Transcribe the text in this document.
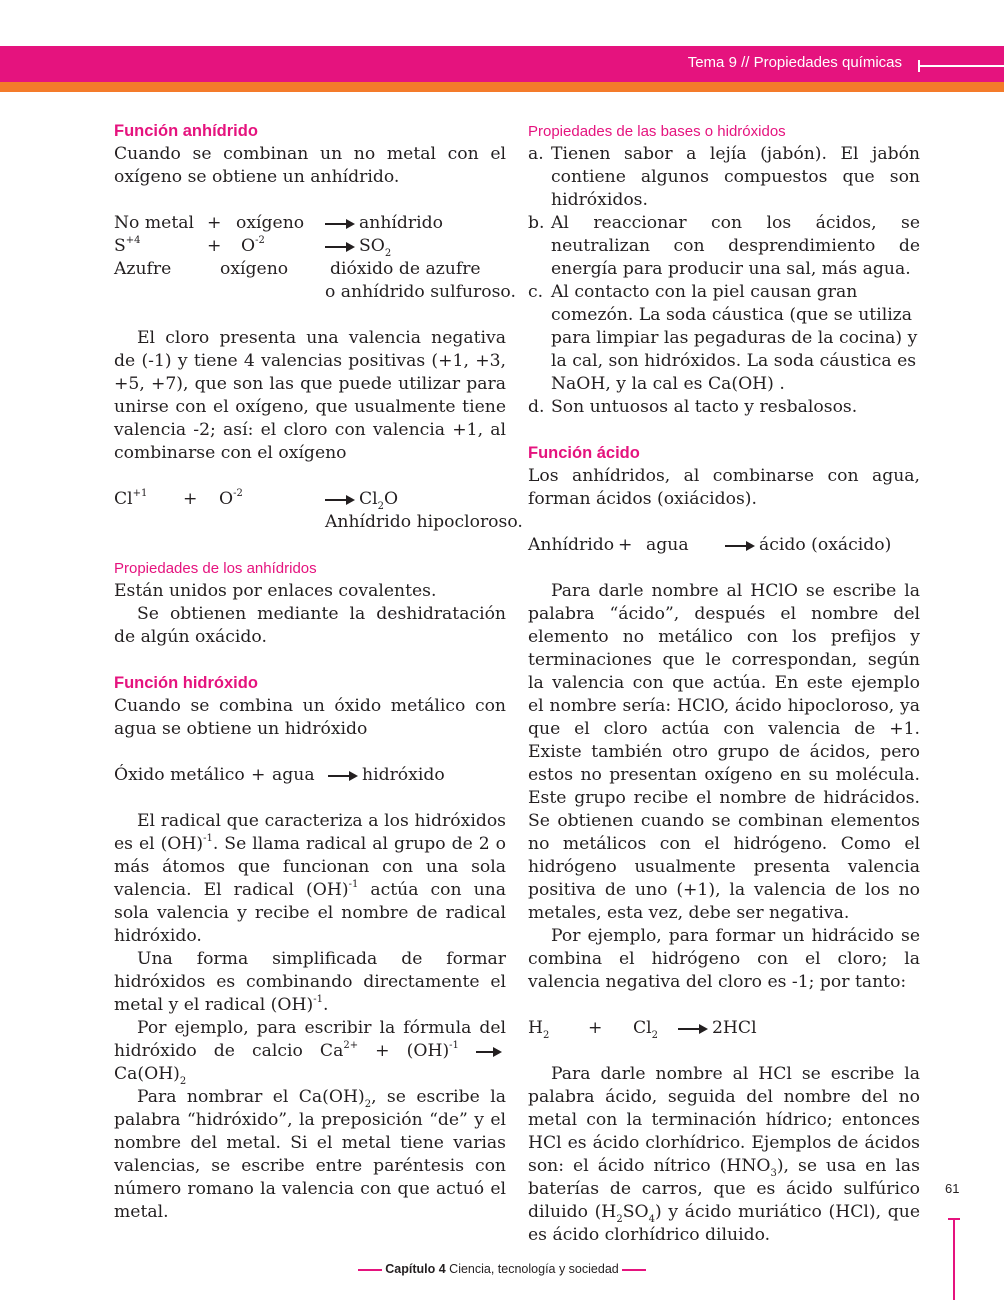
Tema 9 // Propiedades químicas

Función anhídrido

Cuando se combinan un no metal con el oxígeno se obtiene un anhídrido.

No metal + oxígeno	anhídrido
$S^{+4}$	+ $O^{-2}$	$SO_2$
Azufre	oxígeno dióxido de azufre
o anhídrido sulfuroso.

El cloro presenta una valencia negativa de (-1) y tiene 4 valencias positivas (+1, +3, +5, +7), que son las que puede utilizar para unirse con el oxígeno, que usualmente tiene valencia -2; así: el cloro con valencia +1, al combinarse con el oxígeno

$Cl^{+1} + O^{-2}$	$Cl_2O$
Anhídrido hipocloroso.

Propiedades de los anhídridos

Están unidos por enlaces covalentes.

Se obtienen mediante la deshidratación de algún oxácido.

Función hidróxido

Cuando se combina un óxido metálico con agua se obtiene un hidróxido

Óxido metálico + agua	hidróxido

El radical que caracteriza a los hidróxidos es el (OH)$^{-1}$. Se llama radical al grupo de 2 o más átomos que funcionan con una sola valencia. El radical (OH)$^{-1}$ actúa con una sola valencia y recibe el nombre de radical hidróxido.

Una forma simplificada de formar hidróxidos es combinando directamente el metal y el radical (OH)$^{-1}$.

Por ejemplo, para escribir la fórmula del hidróxido de calcio $Ca^{2+} + (OH)^{-1}$ $Ca(OH)_2$

Para nombrar el $Ca(OH)_2$, se escribe la palabra “hidróxido”, la preposición “de” y el nombre del metal. Si el metal tiene varias valencias, se escribe entre paréntesis con número romano la valencia con que actuó el metal.

Propiedades de las bases o hidróxidos

a. Tienen sabor a lejía (jabón). El jabón contiene algunos compuestos que son hidróxidos.
b. Al reaccionar con los ácidos, se neutralizan con desprendimiento de energía para producir una sal, más agua.
c. Al contacto con la piel causan gran comezón. La soda cáustica (que se utiliza para limpiar las pegaduras de la cocina) y la cal, son hidróxidos. La soda cáustica es NaOH, y la cal es Ca(OH) .
d. Son untuosos al tacto y resbalosos.

Función ácido

Los anhídridos, al combinarse con agua, forman ácidos (oxiácidos).

Anhídrido + agua	ácido (oxácido)

Para darle nombre al HClO se escribe la palabra “ácido”, después el nombre del elemento no metálico con los prefijos y terminaciones que le correspondan, según la valencia con que actúa. En este ejemplo el nombre sería: HClO, ácido hipocloroso, ya que el cloro actúa con valencia de +1. Existe también otro grupo de ácidos, pero estos no presentan oxígeno en su molécula. Este grupo recibe el nombre de hidrácidos. Se obtienen cuando se combinan elementos no metálicos con el hidrógeno. Como el hidrógeno usualmente presenta valencia positiva de uno (+1), la valencia de los no metales, esta vez, debe ser negativa.

Por ejemplo, para formar un hidrácido se combina el hidrógeno con el cloro; la valencia negativa del cloro es -1; por tanto:

$H_2 + Cl_2$	2HCl

Para darle nombre al HCl se escribe la palabra ácido, seguida del nombre del no metal con la terminación hídrico; entonces HCl es ácido clorhídrico. Ejemplos de ácidos son: el ácido nítrico $(HNO_3)$, se usa en las baterías de carros, que es ácido sulfúrico diluido $(H_2SO_4)$ y ácido muriático (HCl), que es ácido clorhídrico diluido.

61
Capítulo 4 Ciencia, tecnología y sociedad
